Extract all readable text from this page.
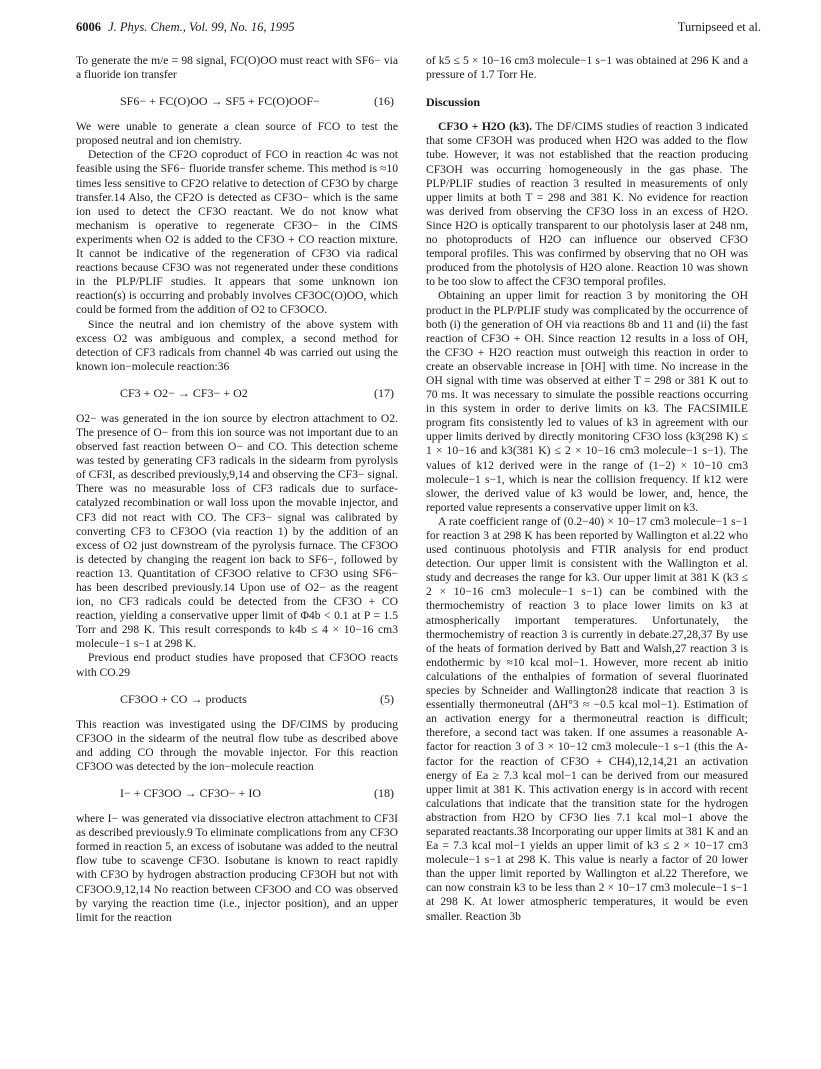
6006 J. Phys. Chem., Vol. 99, No. 16, 1995	Turnipseed et al.

To generate the m/e = 98 signal, FC(O)OO must react with SF6− via a fluoride ion transfer

SF6− + FC(O)OO → SF5 + FC(O)OOF−	(16)

We were unable to generate a clean source of FCO to test the proposed neutral and ion chemistry.

Detection of the CF2O coproduct of FCO in reaction 4c was not feasible using the SF6− fluoride transfer scheme. This method is ≈10 times less sensitive to CF2O relative to detection of CF3O by charge transfer.14 Also, the CF2O is detected as CF3O− which is the same ion used to detect the CF3O reactant. We do not know what mechanism is operative to regenerate CF3O− in the CIMS experiments when O2 is added to the CF3O + CO reaction mixture. It cannot be indicative of the regeneration of CF3O via radical reactions because CF3O was not regenerated under these conditions in the PLP/PLIF studies. It appears that some unknown ion reaction(s) is occurring and probably involves CF3OC(O)OO, which could be formed from the addition of O2 to CF3OCO.

Since the neutral and ion chemistry of the above system with excess O2 was ambiguous and complex, a second method for detection of CF3 radicals from channel 4b was carried out using the known ion−molecule reaction:36

CF3 + O2− → CF3− + O2	(17)

O2− was generated in the ion source by electron attachment to O2. The presence of O− from this ion source was not important due to an observed fast reaction between O− and CO. This detection scheme was tested by generating CF3 radicals in the sidearm from pyrolysis of CF3I, as described previously,9,14 and observing the CF3− signal. There was no measurable loss of CF3 radicals due to surface-catalyzed recombination or wall loss upon the movable injector, and CF3 did not react with CO. The CF3− signal was calibrated by converting CF3 to CF3OO (via reaction 1) by the addition of an excess of O2 just downstream of the pyrolysis furnace. The CF3OO is detected by changing the reagent ion back to SF6−, followed by reaction 13. Quantitation of CF3OO relative to CF3O using SF6− has been described previously.14 Upon use of O2− as the reagent ion, no CF3 radicals could be detected from the CF3O + CO reaction, yielding a conservative upper limit of Φ4b < 0.1 at P = 1.5 Torr and 298 K. This result corresponds to k4b ≤ 4 × 10−16 cm3 molecule−1 s−1 at 298 K.

Previous end product studies have proposed that CF3OO reacts with CO.29

CF3OO + CO → products	(5)

This reaction was investigated using the DF/CIMS by producing CF3OO in the sidearm of the neutral flow tube as described above and adding CO through the movable injector. For this reaction CF3OO was detected by the ion−molecule reaction

I− + CF3OO → CF3O− + IO	(18)

where I− was generated via dissociative electron attachment to CF3I as described previously.9 To eliminate complications from any CF3O formed in reaction 5, an excess of isobutane was added to the neutral flow tube to scavenge CF3O. Isobutane is known to react rapidly with CF3O by hydrogen abstraction producing CF3OH but not with CF3OO.9,12,14 No reaction between CF3OO and CO was observed by varying the reaction time (i.e., injector position), and an upper limit for the reaction

of k5 ≤ 5 × 10−16 cm3 molecule−1 s−1 was obtained at 296 K and a pressure of 1.7 Torr He.

Discussion

CF3O + H2O (k3). The DF/CIMS studies of reaction 3 indicated that some CF3OH was produced when H2O was added to the flow tube. However, it was not established that the reaction producing CF3OH was occurring homogeneously in the gas phase. The PLP/PLIF studies of reaction 3 resulted in measurements of only upper limits at both T = 298 and 381 K. No evidence for reaction was derived from observing the CF3O loss in an excess of H2O. Since H2O is optically transparent to our photolysis laser at 248 nm, no photoproducts of H2O can influence our observed CF3O temporal profiles. This was confirmed by observing that no OH was produced from the photolysis of H2O alone. Reaction 10 was shown to be too slow to affect the CF3O temporal profiles.

Obtaining an upper limit for reaction 3 by monitoring the OH product in the PLP/PLIF study was complicated by the occurrence of both (i) the generation of OH via reactions 8b and 11 and (ii) the fast reaction of CF3O + OH. Since reaction 12 results in a loss of OH, the CF3O + H2O reaction must outweigh this reaction in order to create an observable increase in [OH] with time. No increase in the OH signal with time was observed at either T = 298 or 381 K out to 70 ms. It was necessary to simulate the possible reactions occurring in this system in order to derive limits on k3. The FACSIMILE program fits consistently led to values of k3 in agreement with our upper limits derived by directly monitoring CF3O loss (k3(298 K) ≤ 1 × 10−16 and k3(381 K) ≤ 2 × 10−16 cm3 molecule−1 s−1). The values of k12 derived were in the range of (1−2) × 10−10 cm3 molecule−1 s−1, which is near the collision frequency. If k12 were slower, the derived value of k3 would be lower, and, hence, the reported value represents a conservative upper limit on k3.

A rate coefficient range of (0.2−40) × 10−17 cm3 molecule−1 s−1 for reaction 3 at 298 K has been reported by Wallington et al.22 who used continuous photolysis and FTIR analysis for end product detection. Our upper limit is consistent with the Wallington et al. study and decreases the range for k3. Our upper limit at 381 K (k3 ≤ 2 × 10−16 cm3 molecule−1 s−1) can be combined with the thermochemistry of reaction 3 to place lower limits on k3 at atmospherically important temperatures. Unfortunately, the thermochemistry of reaction 3 is currently in debate.27,28,37 By use of the heats of formation derived by Batt and Walsh,27 reaction 3 is endothermic by ≈10 kcal mol−1. However, more recent ab initio calculations of the enthalpies of formation of several fluorinated species by Schneider and Wallington28 indicate that reaction 3 is essentially thermoneutral (ΔH°3 ≈ −0.5 kcal mol−1). Estimation of an activation energy for a thermoneutral reaction is difficult; therefore, a second tact was taken. If one assumes a reasonable A-factor for reaction 3 of 3 × 10−12 cm3 molecule−1 s−1 (this the A-factor for the reaction of CF3O + CH4),12,14,21 an activation energy of Ea ≥ 7.3 kcal mol−1 can be derived from our measured upper limit at 381 K. This activation energy is in accord with recent calculations that indicate that the transition state for the hydrogen abstraction from H2O by CF3O lies 7.1 kcal mol−1 above the separated reactants.38 Incorporating our upper limits at 381 K and an Ea = 7.3 kcal mol−1 yields an upper limit of k3 ≤ 2 × 10−17 cm3 molecule−1 s−1 at 298 K. This value is nearly a factor of 20 lower than the upper limit reported by Wallington et al.22 Therefore, we can now constrain k3 to be less than 2 × 10−17 cm3 molecule−1 s−1 at 298 K. At lower atmospheric temperatures, it would be even smaller. Reaction 3b
